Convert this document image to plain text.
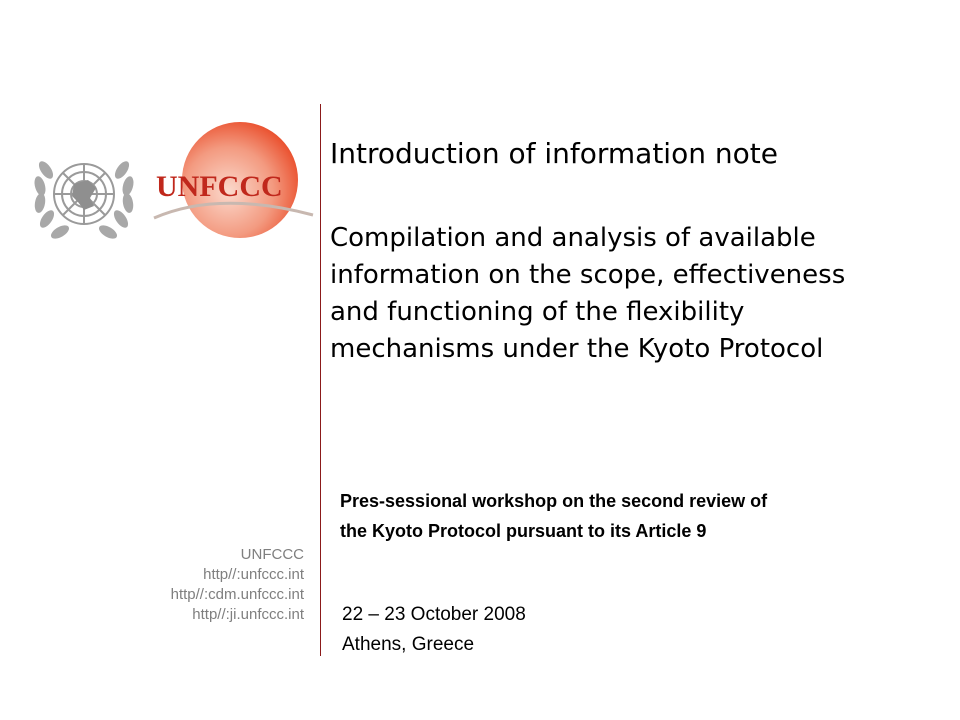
UNFCCC
Introduction of information note
Compilation and analysis of available
information on the scope, effectiveness
and functioning of the flexibility
mechanisms under the Kyoto Protocol
Pres-sessional workshop on the second review of
the Kyoto Protocol pursuant to its Article 9
22 – 23 October 2008
Athens, Greece
UNFCCC
http//:unfccc.int
http//:cdm.unfccc.int
http//:ji.unfccc.int
